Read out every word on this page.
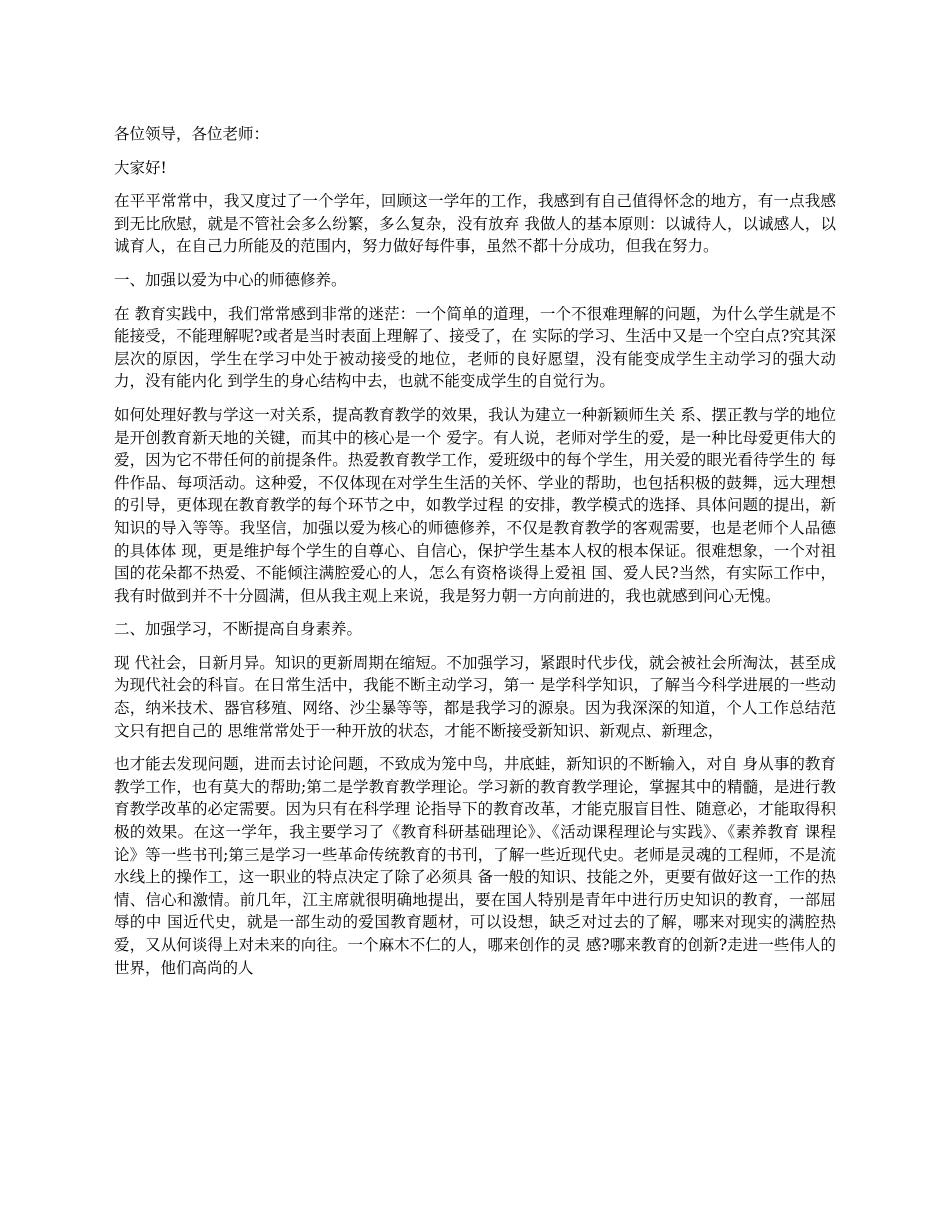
各位领导，各位老师：

大家好!

在平平常常中，我又度过了一个学年，回顾这一学年的工作，我感到有自己值得怀念的地方，有一点我感到无比欣慰，就是不管社会多么纷繁，多么复杂，没有放弃 我做人的基本原则：以诚待人，以诚感人，以诚育人，在自己力所能及的范围内，努力做好每件事，虽然不都十分成功，但我在努力。

一、加强以爱为中心的师德修养。

在 教育实践中，我们常常感到非常的迷茫：一个简单的道理，一个不很难理解的问题，为什么学生就是不能接受，不能理解呢?或者是当时表面上理解了、接受了，在 实际的学习、生活中又是一个空白点?究其深层次的原因，学生在学习中处于被动接受的地位，老师的良好愿望，没有能变成学生主动学习的强大动力，没有能内化 到学生的身心结构中去，也就不能变成学生的自觉行为。

如何处理好教与学这一对关系，提高教育教学的效果，我认为建立一种新颖师生关 系、摆正教与学的地位是开创教育新天地的关键，而其中的核心是一个 爱字。有人说，老师对学生的爱，是一种比母爱更伟大的爱，因为它不带任何的前提条件。热爱教育教学工作，爱班级中的每个学生，用关爱的眼光看待学生的 每件作品、每项活动。这种爱，不仅体现在对学生生活的关怀、学业的帮助，也包括积极的鼓舞，远大理想的引导，更体现在教育教学的每个环节之中，如教学过程 的安排，教学模式的选择、具体问题的提出，新知识的导入等等。我坚信，加强以爱为核心的师德修养，不仅是教育教学的客观需要，也是老师个人品德的具体体 现，更是维护每个学生的自尊心、自信心，保护学生基本人权的根本保证。很难想象，一个对祖国的花朵都不热爱、不能倾注满腔爱心的人，怎么有资格谈得上爱祖 国、爱人民?当然，有实际工作中，我有时做到并不十分圆满，但从我主观上来说，我是努力朝一方向前进的，我也就感到问心无愧。

二、加强学习，不断提高自身素养。

现 代社会，日新月异。知识的更新周期在缩短。不加强学习，紧跟时代步伐，就会被社会所淘汰，甚至成为现代社会的科盲。在日常生活中，我能不断主动学习，第一 是学科学知识，了解当今科学进展的一些动态，纳米技术、器官移殖、网络、沙尘暴等等，都是我学习的源泉。因为我深深的知道，个人工作总结范文只有把自己的 思维常常处于一种开放的状态，才能不断接受新知识、新观点、新理念，

也才能去发现问题，进而去讨论问题，不致成为笼中鸟，井底蛙，新知识的不断输入，对自 身从事的教育教学工作，也有莫大的帮助;第二是学教育教学理论。学习新的教育教学理论，掌握其中的精髓，是进行教育教学改革的必定需要。因为只有在科学理 论指导下的教育改革，才能克服盲目性、随意必，才能取得积极的效果。在这一学年，我主要学习了《教育科研基础理论》、《活动课程理论与实践》、《素养教育 课程论》等一些书刊;第三是学习一些革命传统教育的书刊，了解一些近现代史。老师是灵魂的工程师，不是流水线上的操作工，这一职业的特点决定了除了必须具 备一般的知识、技能之外，更要有做好这一工作的热情、信心和激情。前几年，江主席就很明确地提出，要在国人特别是青年中进行历史知识的教育，一部屈辱的中 国近代史，就是一部生动的爱国教育题材，可以设想，缺乏对过去的了解，哪来对现实的满腔热爱，又从何谈得上对未来的向往。一个麻木不仁的人，哪来创作的灵 感?哪来教育的创新?走进一些伟人的世界，他们高尚的人
